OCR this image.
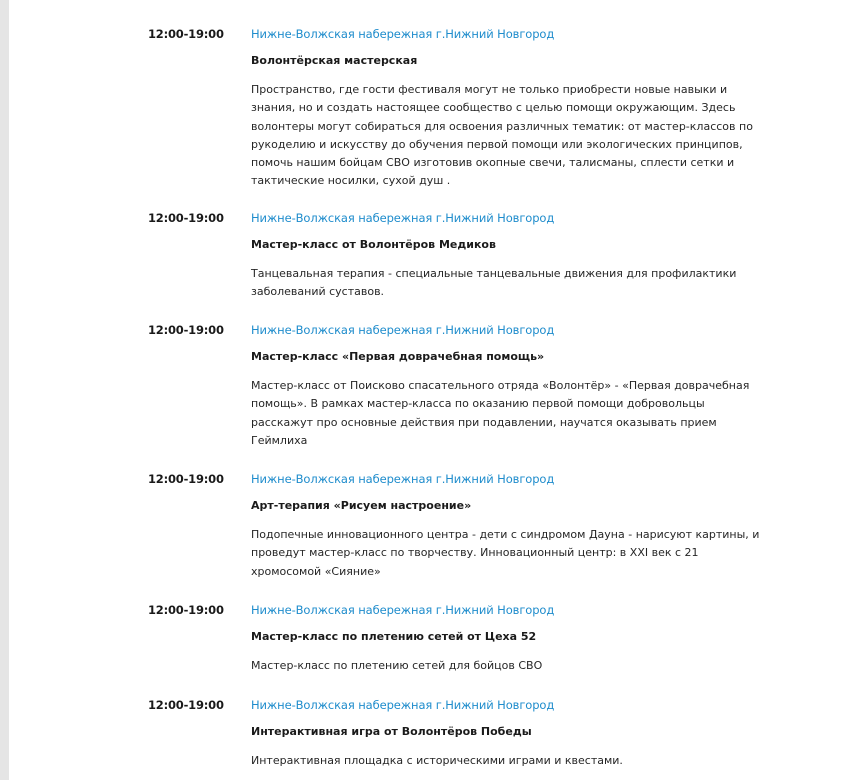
12:00-19:00 Нижне-Волжская набережная г.Нижний Новгород
Волонтёрская мастерская
Пространство, где гости фестиваля могут не только приобрести новые навыки и
знания, но и создать настоящее сообщество с целью помощи окружающим. Здесь
волонтеры могут собираться для освоения различных тематик: от мастер-классов по
рукоделию и искусству до обучения первой помощи или экологических принципов,
помочь нашим бойцам СВО изготовив окопные свечи, талисманы, сплести сетки и
тактические носилки, сухой душ .
12:00-19:00 Нижне-Волжская набережная г.Нижний Новгород
Мастер-класс от Волонтёров Медиков
Танцевальная терапия - специальные танцевальные движения для профилактики
заболеваний суставов.
12:00-19:00 Нижне-Волжская набережная г.Нижний Новгород
Мастер-класс «Первая доврачебная помощь»
Мастер-класс от Поисково спасательного отряда «Волонтёр» - «Первая доврачебная
помощь». В рамках мастер-класса по оказанию первой помощи добровольцы
расскажут про основные действия при подавлении, научатся оказывать прием
Геймлиха
12:00-19:00 Нижне-Волжская набережная г.Нижний Новгород
Арт-терапия «Рисуем настроение»
Подопечные инновационного центра - дети с синдромом Дауна - нарисуют картины, и
проведут мастер-класс по творчеству. Инновационный центр: в XXI век с 21
хромосомой «Сияние»
12:00-19:00 Нижне-Волжская набережная г.Нижний Новгород
Мастер-класс по плетению сетей от Цеха 52
Мастер-класс по плетению сетей для бойцов СВО
12:00-19:00 Нижне-Волжская набережная г.Нижний Новгород
Интерактивная игра от Волонтёров Победы
Интерактивная площадка с историческими играми и квестами.
